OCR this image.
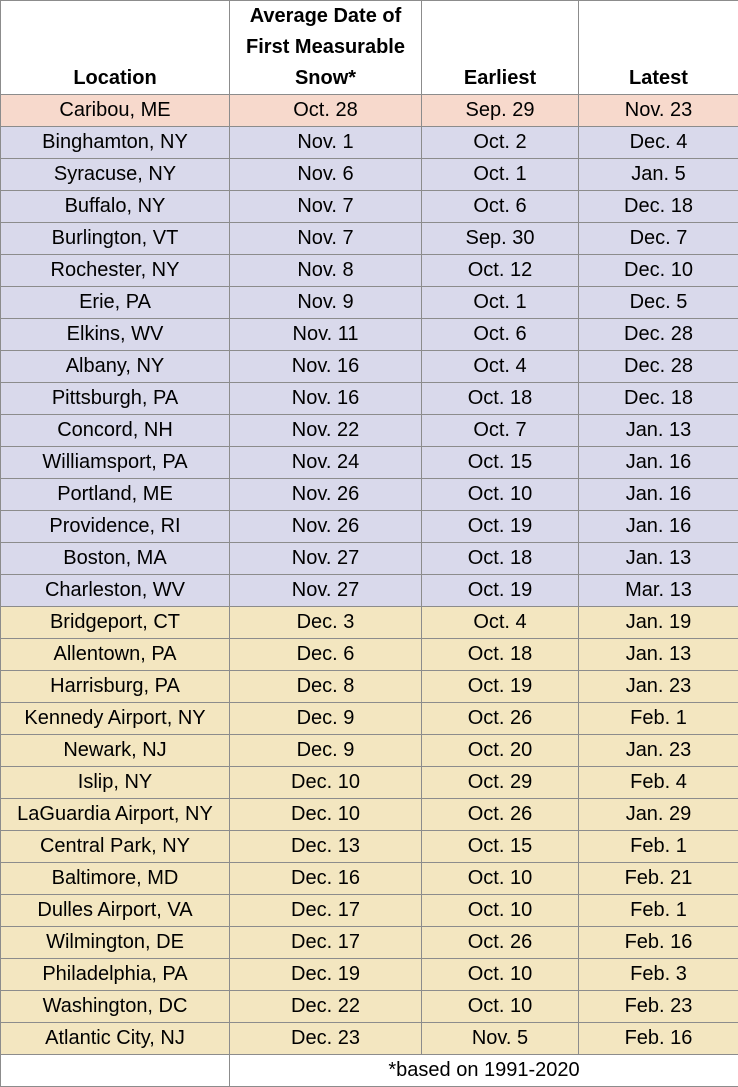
Location	Average Date of First Measurable Snow*	Earliest	Latest
Caribou, ME	Oct. 28	Sep. 29	Nov. 23
Binghamton, NY	Nov. 1	Oct. 2	Dec. 4
Syracuse, NY	Nov. 6	Oct. 1	Jan. 5
Buffalo, NY	Nov. 7	Oct. 6	Dec. 18
Burlington, VT	Nov. 7	Sep. 30	Dec. 7
Rochester, NY	Nov. 8	Oct. 12	Dec. 10
Erie, PA	Nov. 9	Oct. 1	Dec. 5
Elkins, WV	Nov. 11	Oct. 6	Dec. 28
Albany, NY	Nov. 16	Oct. 4	Dec. 28
Pittsburgh, PA	Nov. 16	Oct. 18	Dec. 18
Concord, NH	Nov. 22	Oct. 7	Jan. 13
Williamsport, PA	Nov. 24	Oct. 15	Jan. 16
Portland, ME	Nov. 26	Oct. 10	Jan. 16
Providence, RI	Nov. 26	Oct. 19	Jan. 16
Boston, MA	Nov. 27	Oct. 18	Jan. 13
Charleston, WV	Nov. 27	Oct. 19	Mar. 13
Bridgeport, CT	Dec. 3	Oct. 4	Jan. 19
Allentown, PA	Dec. 6	Oct. 18	Jan. 13
Harrisburg, PA	Dec. 8	Oct. 19	Jan. 23
Kennedy Airport, NY	Dec. 9	Oct. 26	Feb. 1
Newark, NJ	Dec. 9	Oct. 20	Jan. 23
Islip, NY	Dec. 10	Oct. 29	Feb. 4
LaGuardia Airport, NY	Dec. 10	Oct. 26	Jan. 29
Central Park, NY	Dec. 13	Oct. 15	Feb. 1
Baltimore, MD	Dec. 16	Oct. 10	Feb. 21
Dulles Airport, VA	Dec. 17	Oct. 10	Feb. 1
Wilmington, DE	Dec. 17	Oct. 26	Feb. 16
Philadelphia, PA	Dec. 19	Oct. 10	Feb. 3
Washington, DC	Dec. 22	Oct. 10	Feb. 23
Atlantic City, NJ	Dec. 23	Nov. 5	Feb. 16
	*based on 1991-2020		
